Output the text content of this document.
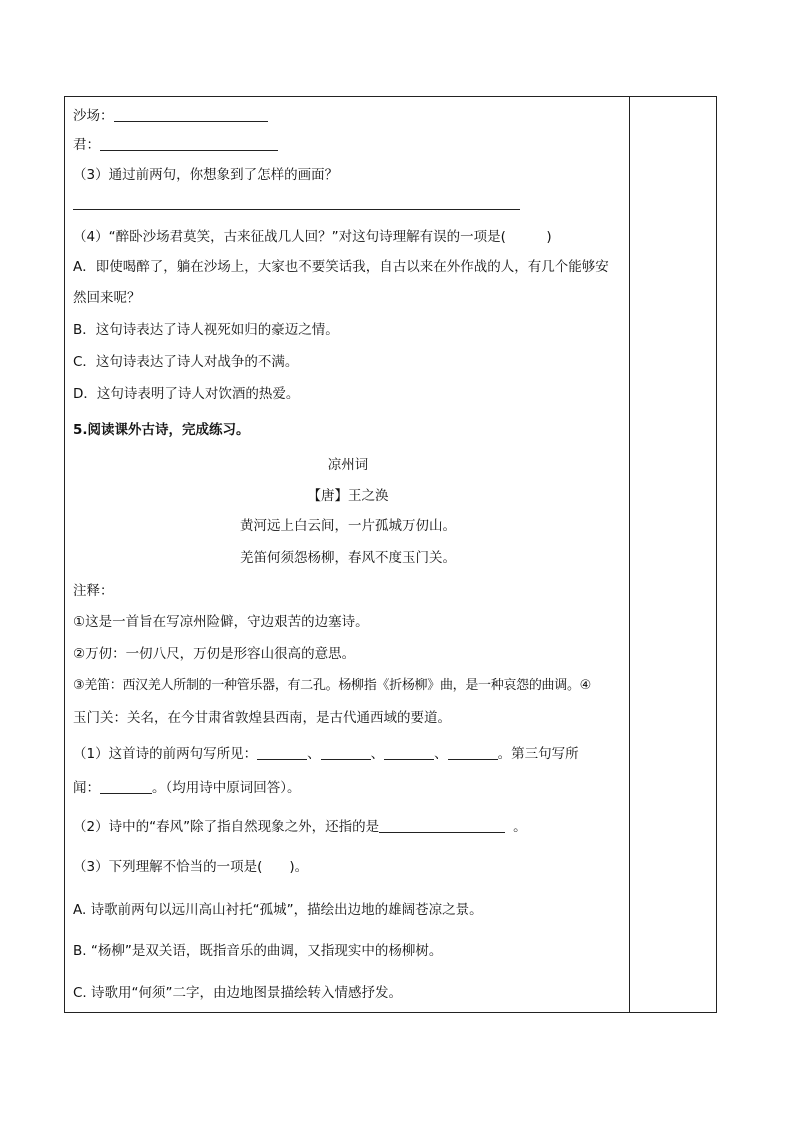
沙场：
君：
（3）通过前两句，你想象到了怎样的画面？
（4）“醉卧沙场君莫笑，古来征战几人回？”对这句诗理解有误的一项是(　　　)
A．即使喝醉了，躺在沙场上，大家也不要笑话我，自古以来在外作战的人，有几个能够安
然回来呢？
B．这句诗表达了诗人视死如归的豪迈之情。
C．这句诗表达了诗人对战争的不满。
D．这句诗表明了诗人对饮酒的热爱。
5.阅读课外古诗，完成练习。
凉州词
【唐】王之涣
黄河远上白云间，一片孤城万仞山。
羌笛何须怨杨柳，春风不度玉门关。
注释：
①这是一首旨在写凉州险僻，守边艰苦的边塞诗。
②万仞：一仞八尺，万仞是形容山很高的意思。
③羌笛：西汉羌人所制的一种管乐器，有二孔。杨柳指《折杨柳》曲，是一种哀怨的曲调。④
玉门关：关名，在今甘肃省敦煌县西南，是古代通西域的要道。
（1）这首诗的前两句写所见：	、	、	、	。第三句写所
闻：	。（均用诗中原词回答）。
（2）诗中的“春风”除了指自然现象之外，还指的是	。
（3）下列理解不恰当的一项是(　　)。
A. 诗歌前两句以远川高山衬托“孤城”，描绘出边地的雄阔苍凉之景。
B. “杨柳”是双关语，既指音乐的曲调，又指现实中的杨柳树。
C. 诗歌用“何须”二字，由边地图景描绘转入情感抒发。
